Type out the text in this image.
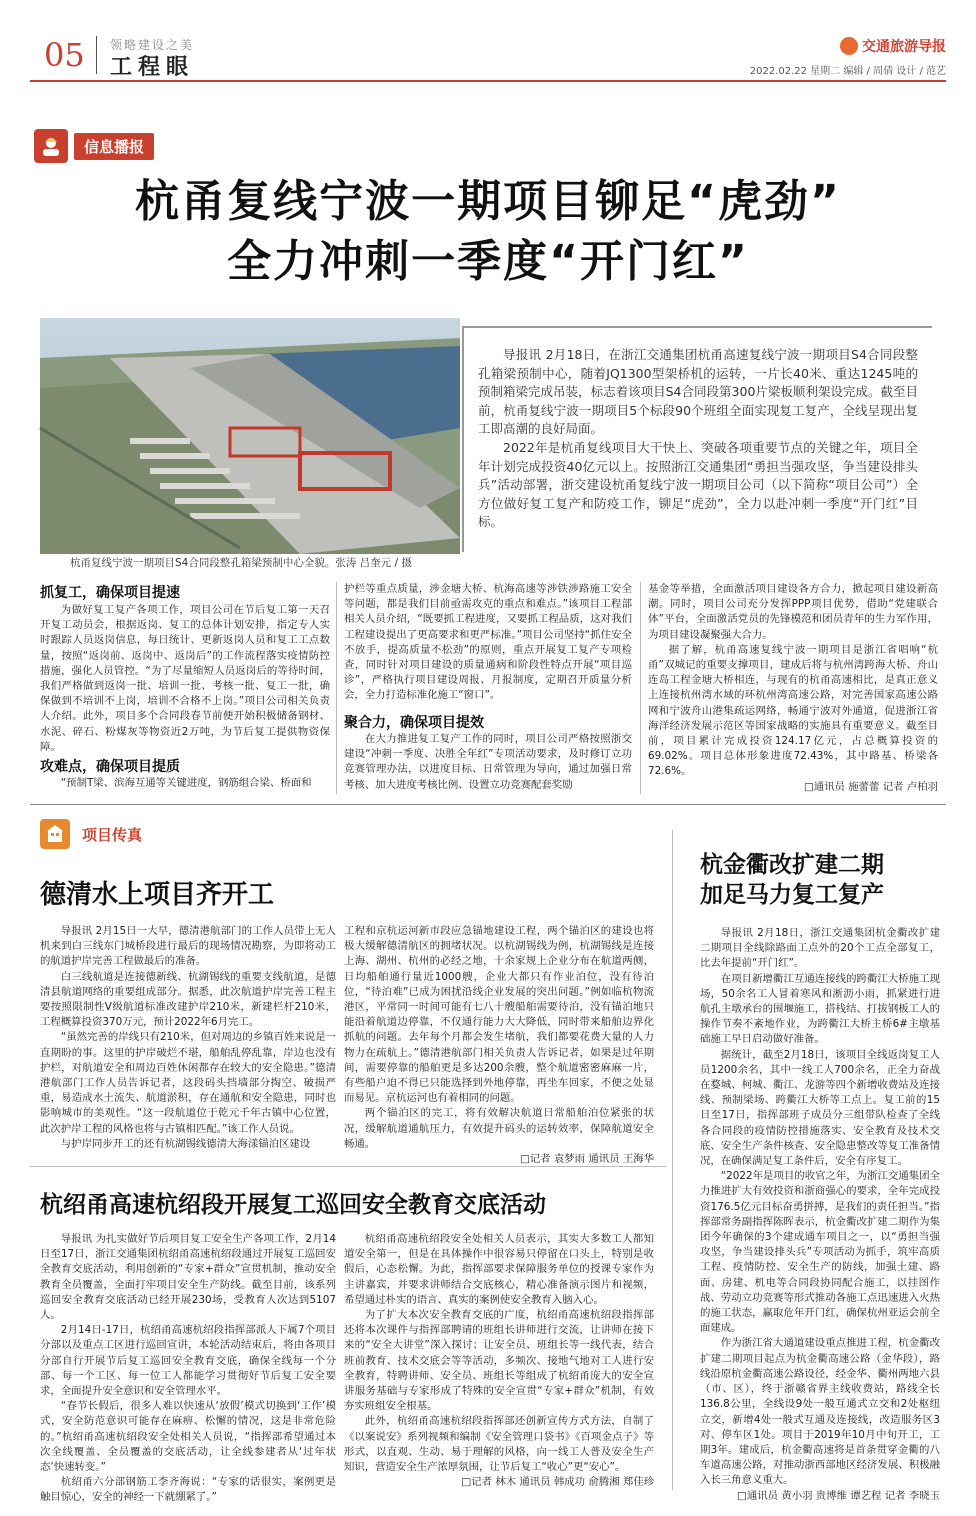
05 领略建设之美
工程眼
交通旅游导报
2022.02.22 星期二 编辑 / 周倩 设计 / 范艺
信息播报
杭甬复线宁波一期项目铆足“虎劲”
全力冲刺一季度“开门红”
杭甬复线宁波一期项目S4合同段整孔箱梁预制中心全貌。张涛 吕奎元 / 摄

导报讯 2月18日，在浙江交通集团杭甬高速复线宁波一期项目S4合同段整孔箱梁预制中心，随着JQ1300型架桥机的运转，一片长40米、重达1245吨的预制箱梁完成吊装，标志着该项目S4合同段第300片梁板顺利架设完成。截至目前，杭甬复线宁波一期项目5个标段90个班组全面实现复工复产，全线呈现出复工即高潮的良好局面。

2022年是杭甬复线项目大干快上、突破各项重要节点的关键之年，项目全年计划完成投资40亿元以上。按照浙江交通集团“勇担当强攻坚，争当建设排头兵”活动部署，浙交建设杭甬复线宁波一期项目公司（以下简称“项目公司”）全方位做好复工复产和防疫工作，铆足“虎劲”，全力以赴冲刺一季度“开门红”目标。

抓复工，确保项目提速

为做好复工复产各项工作，项目公司在节后复工第一天召开复工动员会，根据返岗、复工的总体计划安排，指定专人实时跟踪人员返岗信息，每日统计、更新返岗人员和复工工点数量，按照“返岗前、返岗中、返岗后”的工作流程落实疫情防控措施，强化人员管控。“为了尽量缩短人员返岗后的等待时间，我们严格做到返岗一批、培训一批、考核一批、复工一批，确保做到不培训不上岗，培训不合格不上岗。”项目公司相关负责人介绍。此外，项目多个合同段春节前便开始积极储备钢材、水泥、碎石、粉煤灰等物资近2万吨，为节后复工提供物资保障。

攻难点，确保项目提质

“预制T梁、滨海互通等关键进度，钢筋组合梁、桥面和

护栏等重点质量，涉金塘大桥、杭海高速等涉铁涉路施工安全等问题，都是我们目前亟需攻克的重点和难点。”该项目工程部相关人员介绍，“既要抓工程进度，又要抓工程品质，这对我们工程建设提出了更高要求和更严标准。”项目公司坚持“抓住安全不放手，提高质量不松劲”的原则，重点开展复工复产专项检查，同时针对项目建设的质量通病和阶段性特点开展“项目巡诊”，严格执行项目建设周报、月报制度，定期召开质量分析会，全力打造标准化施工“窗口”。

聚合力，确保项目提效

在大力推进复工复产工作的同时，项目公司严格按照浙交建设“冲刺一季度、决胜全年红”专项活动要求，及时修订立功竞赛管理办法，以进度目标、日常管理为导向，通过加强日常考核、加大进度考核比例、设置立功竞赛配套奖励

基金等举措，全面激活项目建设各方合力，掀起项目建设新高潮。同时，项目公司充分发挥PPP项目优势，借助“党建联合体”平台，全面激活党员的先锋模范和团员青年的生力军作用，为项目建设凝聚强大合力。

据了解，杭甬高速复线宁波一期项目是浙江省唱响“杭甬”双城记的重要支撑项目，建成后将与杭州湾跨海大桥、舟山连岛工程金塘大桥相连，与现有的杭甬高速相比，是真正意义上连接杭州湾水域的环杭州湾高速公路，对完善国家高速公路网和宁波舟山港集疏运网络，畅通宁波对外通道，促进浙江省海洋经济发展示范区等国家战略的实施具有重要意义。截至目前，项目累计完成投资124.17亿元，占总概算投资的69.02%。项目总体形象进度72.43%，其中路基、桥梁各72.6%。

□通讯员 施蕾蕾 记者 卢柏羽

项目传真
德清水上项目齐开工

导报讯 2月15日一大早，德清港航部门的工作人员带上无人机来到白三线东门城桥段进行最后的现场情况勘察，为即将动工的航道护岸完善工程做最后的准备。

白三线航道是连接德新线、杭湖锡线的重要支线航道，是德清县航道网络的重要组成部分。据悉，此次航道护岸完善工程主要按照限制性Ⅴ级航道标准改建护岸210米，新建栏杆210米，工程概算投资370万元，预计2022年6月完工。

“虽然完善的岸线只有210米，但对周边的乡镇百姓来说是一直期盼的事。这里的护岸破烂不堪，船舶乱停乱靠，岸边也没有护栏，对航道安全和周边百姓休闲都存在较大的安全隐患。”德清港航部门工作人员告诉记者，这段码头挡墙部分掏空、破损严重，易造成水土流失、航道淤积，存在通航和安全隐患，同时也影响城市的美观性。“这一段航道位于乾元千年古镇中心位置，此次护岸工程的风格也将与古镇相匹配。”该工作人员说。

与护岸同步开工的还有杭湖锡线德清大海漾锚泊区建设

工程和京杭运河新市段应急锚地建设工程，两个锚泊区的建设也将极大缓解德清航区的拥堵状况。以杭湖锡线为例，杭湖锡线是连接上海、湖州、杭州的必经之地，十余家规上企业分布在航道两侧，日均船舶通行量近1000艘，企业大都只有作业泊位，没有待泊位，“待泊难”已成为困扰沿线企业发展的突出问题。”例如临杭物流港区，平常同一时间可能有七八十艘船舶需要待泊，没有锚泊地只能沿着航道边停靠，不仅通行能力大大降低，同时带来船舶边界化抓航的问题。去年每个月都会发生堵航，我们都要花费大量的人力物力在疏航上。”德清港航部门相关负责人告诉记者，如果是过年期间，需要停靠的船舶更是多达200余艘，整个航道密密麻麻一片，有些船户迫不得已只能选择到外地停靠，再坐车回家，不便之处显而易见。京杭运河也有着相同的问题。

两个锚泊区的完工，将有效解决航道日常船舶泊位紧张的状况，缓解航道通航压力，有效提升码头的运转效率，保障航道安全畅通。

□记者 袁梦雨 通讯员 王海华

杭金衢改扩建二期
加足马力复工复产

导报讯 2月18日，浙江交通集团杭金衢改扩建二期项目全线除路面工点外的20个工点全部复工，比去年提前“开门红”。

在项目新增衢江互通连接线的跨衢江大桥施工现场，50余名工人冒着寒风和淅沥小雨，抓紧进行进航孔主墩承台的围堰施工，搭栈结、打拔钢板工人的操作节奏不紊地作业，为跨衢江大桥主桥6#主墩基础施工早日启动做好准备。

据统计，截至2月18日，该项目全线返岗复工人员1200余名，其中一线工人700余名，正全力奋战在婺城、柯城、衢江、龙游等四个新增收费站及连接线、预制梁场、跨衢江大桥等工点上。复工前的15日至17日，指挥部班子成员分三组带队检查了全线各合同段的疫情防控措施落实、安全教育及技术交底、安全生产条件核查、安全隐患整改等复工准备情况，在确保满足复工条件后，安全有序复工。

“2022年是项目的收官之年，为浙江交通集团全力推进扩大有效投资和浙商强心的要求，全年完成投资176.5亿元目标奋勇拼搏，是我们的责任担当。”指挥部常务副指挥陈晖表示，杭金衢改扩建二期作为集团今年确保的3个建成通车项目之一，以“勇担当强攻坚，争当建设排头兵”专项活动为抓手，筑牢高质工程、疫情防控、安全生产的防线，加强土建、路面、房建、机电等合同段协同配合施工，以挂图作战、劳动立功竞赛等形式推动各施工点迅速进入火热的施工状态，赢取危年开门红，确保杭州亚运会前全面建成。

作为浙江省大通道建设重点推进工程，杭金衢改扩建二期项目起点为杭金衢高速公路（金华段），路线沿原杭金衢高速公路设径，经金华、衢州两地六县（市、区），终于浙赣省界主线收费站，路线全长136.8公里，全线设9处一般互通式立交和2处枢纽立交，新增4处一般式互通及连接线，改造服务区3对、停车区1处。项目于2019年10月中旬开工，工期3年。建成后，杭金衢高速将是首条贯穿金衢的八车道高速公路，对推动浙西部地区经济发展、积极融入长三角意义重大。

□通讯员 黄小羽 贵博维 谭艺程 记者 李晓玉

杭绍甬高速杭绍段开展复工巡回安全教育交底活动

导报讯 为扎实做好节后项目复工安全生产各项工作，2月14日至17日，浙江交通集团杭绍甬高速杭绍段通过开展复工巡回安全教育交底活动，利用创新的“专家+群众”宣贯机制，推动安全教育全员覆盖，全面打牢项目安全生产防线。截至目前，该系列巡回安全教育交底活动已经开展230场，受教育人次达到5107人。

2月14日-17日，杭绍甬高速杭绍段指挥部派人下属7个项目分部以及重点工区进行巡回宣讲，本轮活动结束后，将由各项目分部自行开展节后复工巡回安全教育交底，确保全线每一个分部、每一个工区、每一位工人都能学习贯彻好节后复工安全要求，全面提升安全意识和安全管理水平。

“春节长假后，很多人难以快速从‘放假’模式切换到‘工作’模式，安全防范意识可能存在麻痹、松懈的情况，这是非常危险的。”杭绍甬高速杭绍段安全处相关人员说，“指挥部希望通过本次全线覆盖、全员覆盖的交底活动，让全线参建者从‘过年状态’快速转变。”

杭绍甬六分部钢筋工李齐海说：“专家的话很实，案例更是触目惊心，安全的神经一下就绷紧了。”

杭绍甬高速杭绍段安全处相关人员表示，其实大多数工人都知道安全第一，但是在具体操作中很容易只停留在口头上，特别是收假后，心态松懈。为此，指挥部要求保障服务单位的授课专家作为主讲嘉宾，并要求讲师结合交底核心，精心准备演示图片和视频，希望通过朴实的语言、真实的案例使安全教育入脑入心。

为了扩大本次安全教育交底的广度，杭绍甬高速杭绍段指挥部还将本次课件与指挥部聘请的班组长讲师进行交流，让讲师在接下来的“安全大讲堂”深入探讨；让安全员、班组长等一线代表，结合班前教育、技术交底会等等活动，多频次、接地气地对工人进行安全教育，特聘讲师、安全员、班组长等组成了杭绍甬庞大的安全宣讲服务基础与专家形成了特殊的安全宣贯“专家+群众”机制，有效夯实班组安全根基。

此外，杭绍甬高速杭绍段指挥部还创新宣传方式方法，自制了《以案说安》系列视频和编制《安全管理口袋书》《百项金点子》等形式，以直观、生动、易于理解的风格，向一线工人普及安全生产知识，营造安全生产浓厚氛围，让节后复工“收心”更“安心”。

□记者 林木 通讯员 韩成功 俞腾湘 郑佳珍
